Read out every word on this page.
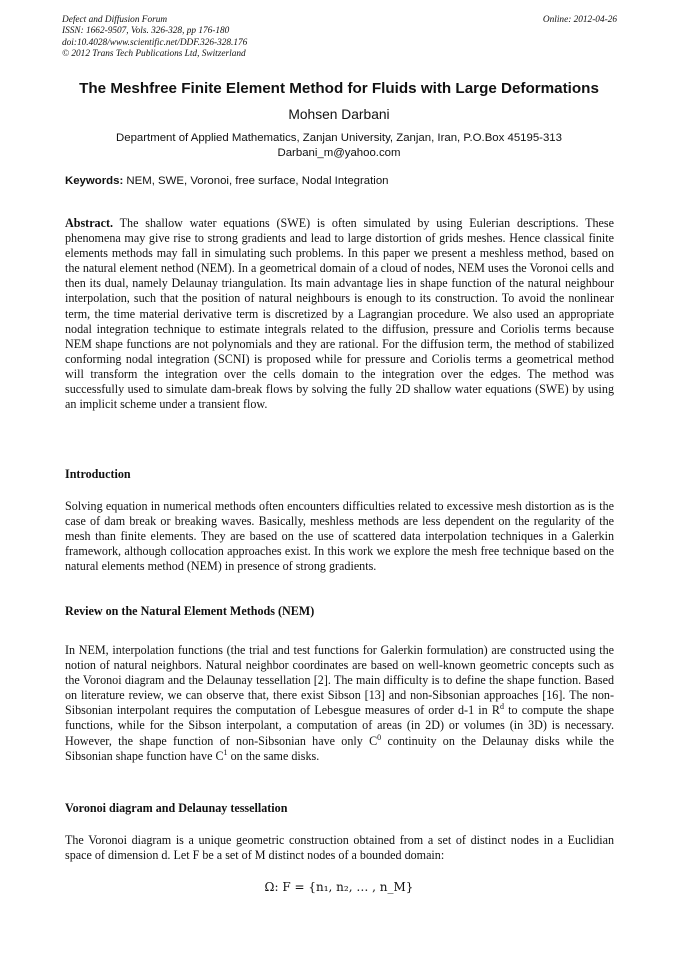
Defect and Diffusion Forum
ISSN: 1662-9507, Vols. 326-328, pp 176-180
doi:10.4028/www.scientific.net/DDF.326-328.176
© 2012 Trans Tech Publications Ltd, Switzerland
Online: 2012-04-26
The Meshfree Finite Element Method for Fluids with Large Deformations
Mohsen Darbani
Department of Applied Mathematics, Zanjan University, Zanjan, Iran, P.O.Box 45195-313
Darbani_m@yahoo.com
Keywords: NEM, SWE, Voronoi, free surface, Nodal Integration
Abstract. The shallow water equations (SWE) is often simulated by using Eulerian descriptions. These phenomena may give rise to strong gradients and lead to large distortion of grids meshes. Hence classical finite elements methods may fall in simulating such problems. In this paper we present a meshless method, based on the natural element nethod (NEM). In a geometrical domain of a cloud of nodes, NEM uses the Voronoi cells and then its dual, namely Delaunay triangulation. Its main advantage lies in shape function of the natural neighbour interpolation, such that the position of natural neighbours is enough to its construction. To avoid the nonlinear term, the time material derivative term is discretized by a Lagrangian procedure. We also used an appropriate nodal integration technique to estimate integrals related to the diffusion, pressure and Coriolis terms because NEM shape functions are not polynomials and they are rational. For the diffusion term, the method of stabilized conforming nodal integration (SCNI) is proposed while for pressure and Coriolis terms a geometrical method will transform the integration over the cells domain to the integration over the edges. The method was successfully used to simulate dam-break flows by solving the fully 2D shallow water equations (SWE) by using an implicit scheme under a transient flow.
Introduction
Solving equation in numerical methods often encounters difficulties related to excessive mesh distortion as is the case of dam break or breaking waves. Basically, meshless methods are less dependent on the regularity of the mesh than finite elements. They are based on the use of scattered data interpolation techniques in a Galerkin framework, although collocation approaches exist. In this work we explore the mesh free technique based on the natural elements method (NEM) in presence of strong gradients.
Review on the Natural Element Methods (NEM)
In NEM, interpolation functions (the trial and test functions for Galerkin formulation) are constructed using the notion of natural neighbors. Natural neighbor coordinates are based on well-known geometric concepts such as the Voronoi diagram and the Delaunay tessellation [2]. The main difficulty is to define the shape function. Based on literature review, we can observe that, there exist Sibson [13] and non-Sibsonian approaches [16]. The non-Sibsonian interpolant requires the computation of Lebesgue measures of order d-1 in $R^d$ to compute the shape functions, while for the Sibson interpolant, a computation of areas (in 2D) or volumes (in 3D) is necessary. However, the shape function of non-Sibsonian have only $C^0$ continuity on the Delaunay disks while the Sibsonian shape function have $C^1$ on the same disks.
Voronoi diagram and Delaunay tessellation
The Voronoi diagram is a unique geometric construction obtained from a set of distinct nodes in a Euclidian space of dimension d. Let F be a set of M distinct nodes of a bounded domain:
Ω: F = {n₁, n₂, … , n_M}
